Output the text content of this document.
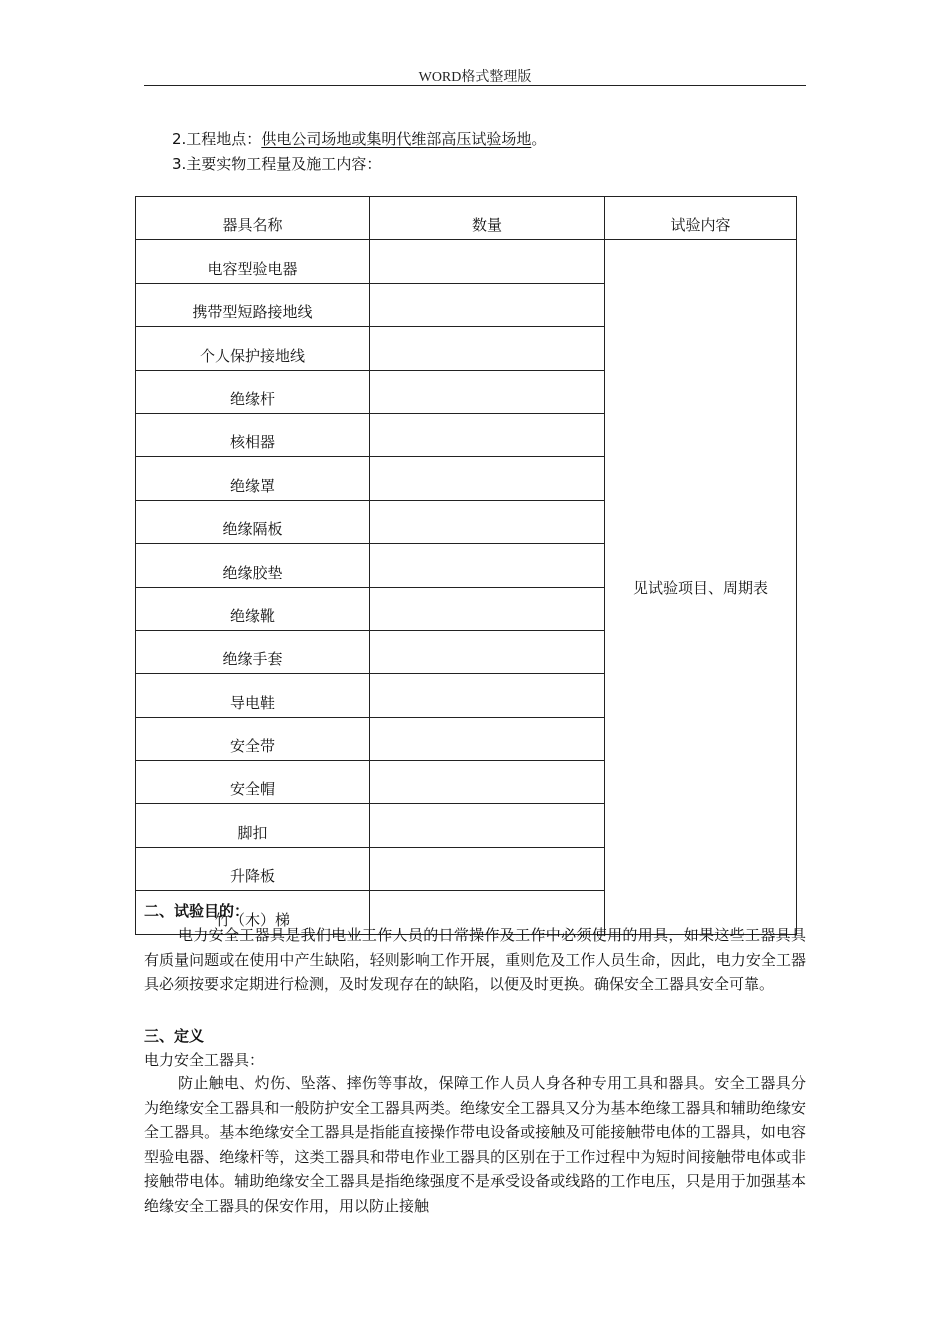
WORD格式整理版
2.工程地点：供电公司场地或集明代维部高压试验场地。
3.主要实物工程量及施工内容：
器具名称	数量	试验内容
电容型验电器		见试验项目、周期表
携带型短路接地线		
个人保护接地线		
绝缘杆		
核相器		
绝缘罩		
绝缘隔板		
绝缘胶垫		
绝缘靴		
绝缘手套		
导电鞋		
安全带		
安全帽		
脚扣		
升降板		
竹（木）梯		
二、试验目的：
电力安全工器具是我们电业工作人员的日常操作及工作中必须使用的用具，如果这些工器具具有质量问题或在使用中产生缺陷，轻则影响工作开展，重则危及工作人员生命，因此，电力安全工器具必须按要求定期进行检测，及时发现存在的缺陷，以便及时更换。确保安全工器具安全可靠。
三、定义
电力安全工器具：
防止触电、灼伤、坠落、摔伤等事故，保障工作人员人身各种专用工具和器具。安全工器具分为绝缘安全工器具和一般防护安全工器具两类。绝缘安全工器具又分为基本绝缘工器具和辅助绝缘安全工器具。基本绝缘安全工器具是指能直接操作带电设备或接触及可能接触带电体的工器具，如电容型验电器、绝缘杆等，这类工器具和带电作业工器具的区别在于工作过程中为短时间接触带电体或非接触带电体。辅助绝缘安全工器具是指绝缘强度不是承受设备或线路的工作电压，只是用于加强基本绝缘安全工器具的保安作用，用以防止接触
